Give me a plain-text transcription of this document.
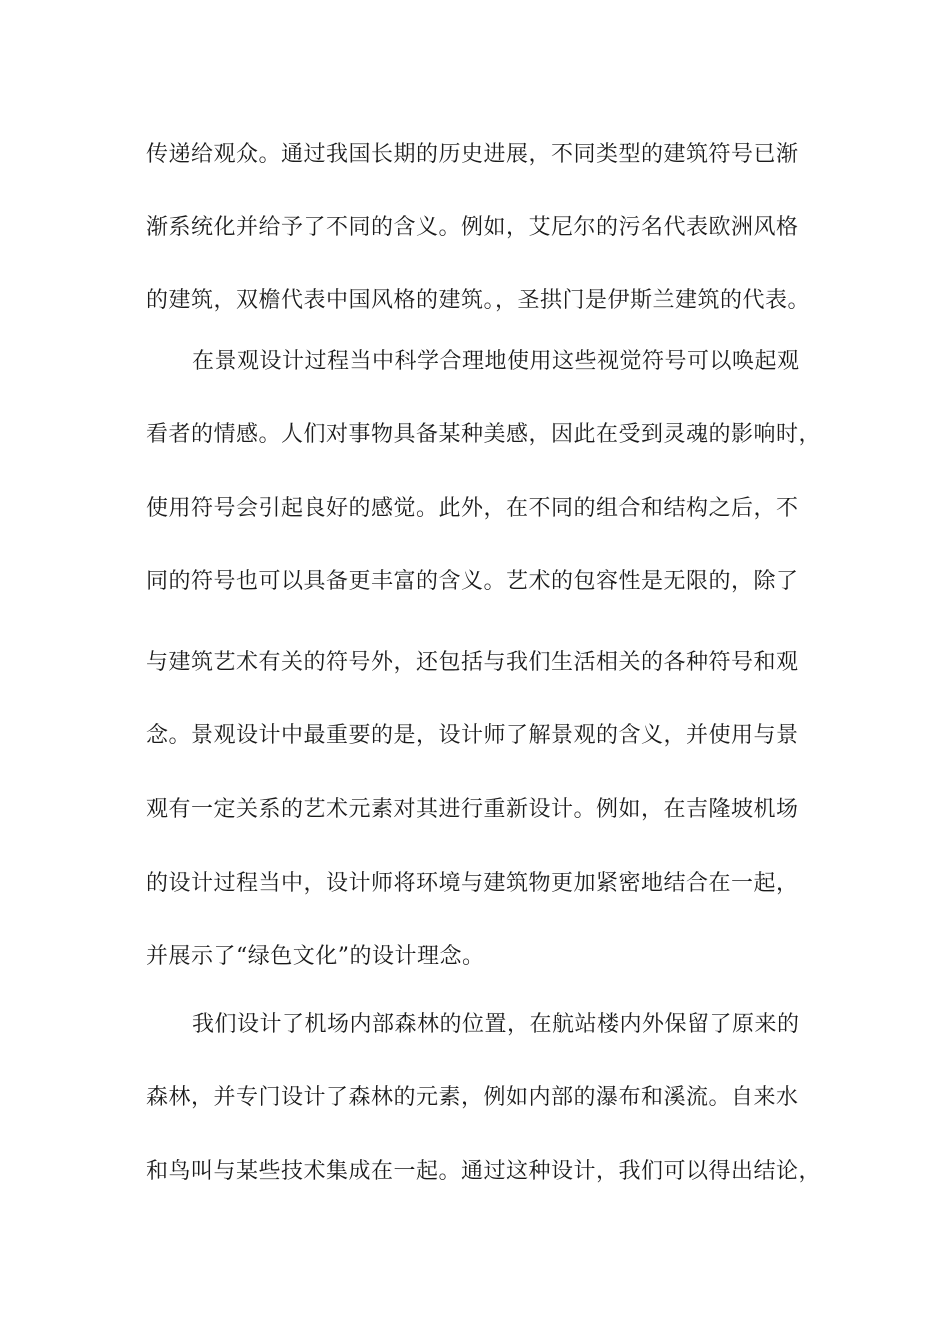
传递给观众。通过我国长期的历史进展，不同类型的建筑符号已渐
渐系统化并给予了不同的含义。例如，艾尼尔的污名代表欧洲风格
的建筑，双檐代表中国风格的建筑。，圣拱门是伊斯兰建筑的代表。
在景观设计过程当中科学合理地使用这些视觉符号可以唤起观
看者的情感。人们对事物具备某种美感，因此在受到灵魂的影响时，
使用符号会引起良好的感觉。此外，在不同的组合和结构之后，不
同的符号也可以具备更丰富的含义。艺术的包容性是无限的，除了
与建筑艺术有关的符号外，还包括与我们生活相关的各种符号和观
念。景观设计中最重要的是，设计师了解景观的含义，并使用与景
观有一定关系的艺术元素对其进行重新设计。例如，在吉隆坡机场
的设计过程当中，设计师将环境与建筑物更加紧密地结合在一起，
并展示了“绿色文化”的设计理念。
我们设计了机场内部森林的位置，在航站楼内外保留了原来的
森林，并专门设计了森林的元素，例如内部的瀑布和溪流。自来水
和鸟叫与某些技术集成在一起。通过这种设计，我们可以得出结论，
